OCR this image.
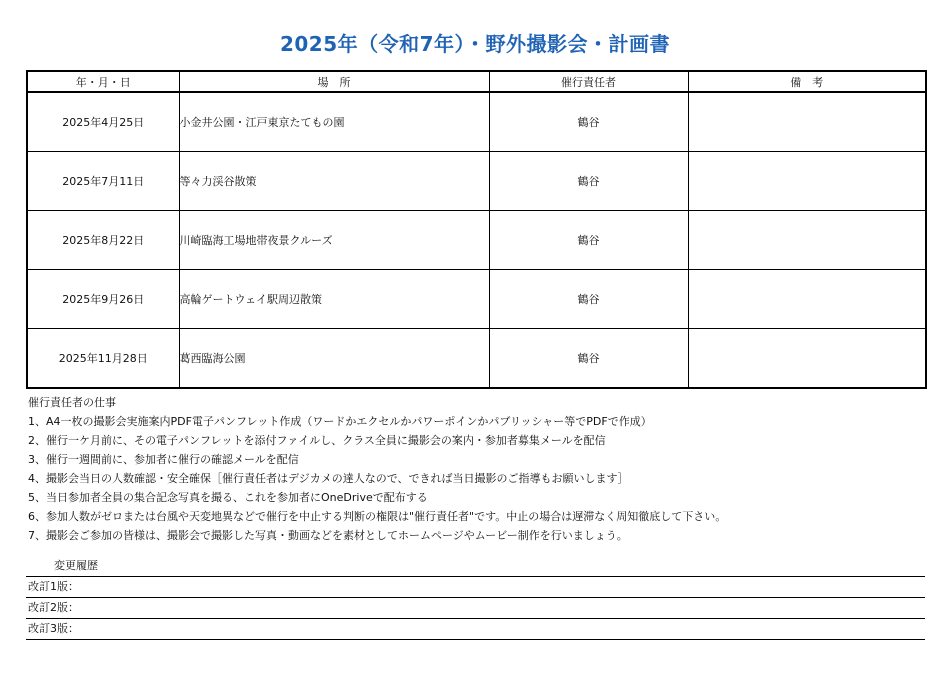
2025年（令和7年）・野外撮影会・計画書
年・月・日	場　所	催行責任者	備　考
2025年4月25日	小金井公園・江戸東京たてもの園	鶴谷	
2025年7月11日	等々力渓谷散策	鶴谷	
2025年8月22日	川崎臨海工場地帯夜景クルーズ	鶴谷	
2025年9月26日	高輪ゲートウェイ駅周辺散策	鶴谷	
2025年11月28日	葛西臨海公園	鶴谷	
催行責任者の仕事
1、A4一枚の撮影会実施案内PDF電子パンフレット作成（ワードかエクセルかパワーポインかパブリッシャー等でPDFで作成）
2、催行一ケ月前に、その電子パンフレットを添付ファイルし、クラス全員に撮影会の案内・参加者募集メールを配信
3、催行一週間前に、参加者に催行の確認メールを配信
4、撮影会当日の人数確認・安全確保［催行責任者はデジカメの達人なので、できれば当日撮影のご指導もお願いします］
5、当日参加者全員の集合記念写真を撮る、これを参加者にOneDriveで配布する
6、参加人数がゼロまたは台風や天変地異などで催行を中止する判断の権限は"催行責任者"です。中止の場合は遅滞なく周知徹底して下さい。
7、撮影会ご参加の皆様は、撮影会で撮影した写真・動画などを素材としてホームページやムービー制作を行いましょう。
変更履歴
改訂1版：
改訂2版：
改訂3版：
